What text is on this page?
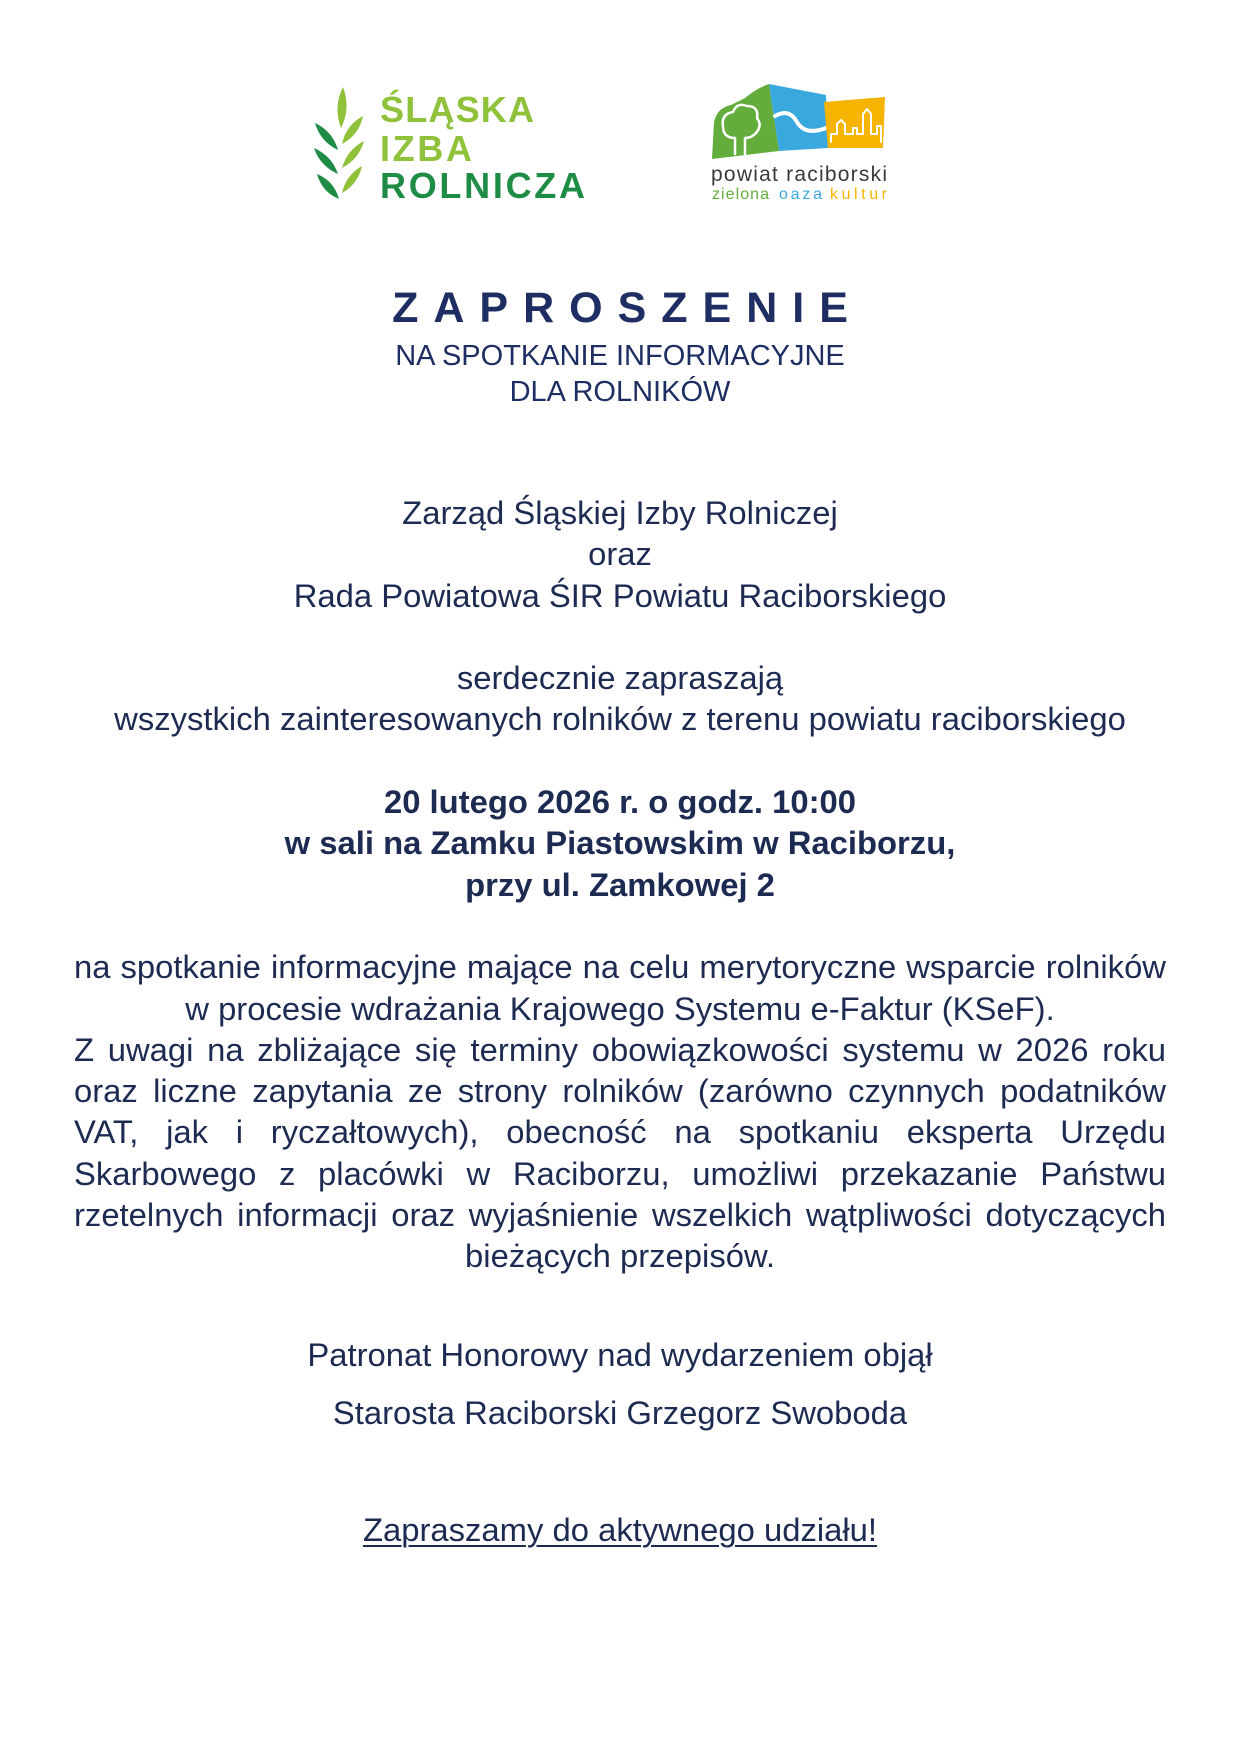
ŚLĄSKA
IZBA
ROLNICZA	powiat raciborski
zielona oaza kultur
ZAPROSZENIE
NA SPOTKANIE INFORMACYJNE
DLA ROLNIKÓW
Zarząd Śląskiej Izby Rolniczej
oraz
Rada Powiatowa ŚIR Powiatu Raciborskiego
serdecznie zapraszają
wszystkich zainteresowanych rolników z terenu powiatu raciborskiego
20 lutego 2026 r. o godz. 10:00
w sali na Zamku Piastowskim w Raciborzu,
przy ul. Zamkowej 2
na spotkanie informacyjne mające na celu merytoryczne wsparcie rolników
w procesie wdrażania Krajowego Systemu e-Faktur (KSeF).
Z uwagi na zbliżające się terminy obowiązkowości systemu w 2026 roku
oraz liczne zapytania ze strony rolników (zarówno czynnych podatników
VAT, jak i ryczałtowych), obecność na spotkaniu eksperta Urzędu
Skarbowego z placówki w Raciborzu, umożliwi przekazanie Państwu
rzetelnych informacji oraz wyjaśnienie wszelkich wątpliwości dotyczących
bieżących przepisów.
Patronat Honorowy nad wydarzeniem objął
Starosta Raciborski Grzegorz Swoboda
Zapraszamy do aktywnego udziału!
